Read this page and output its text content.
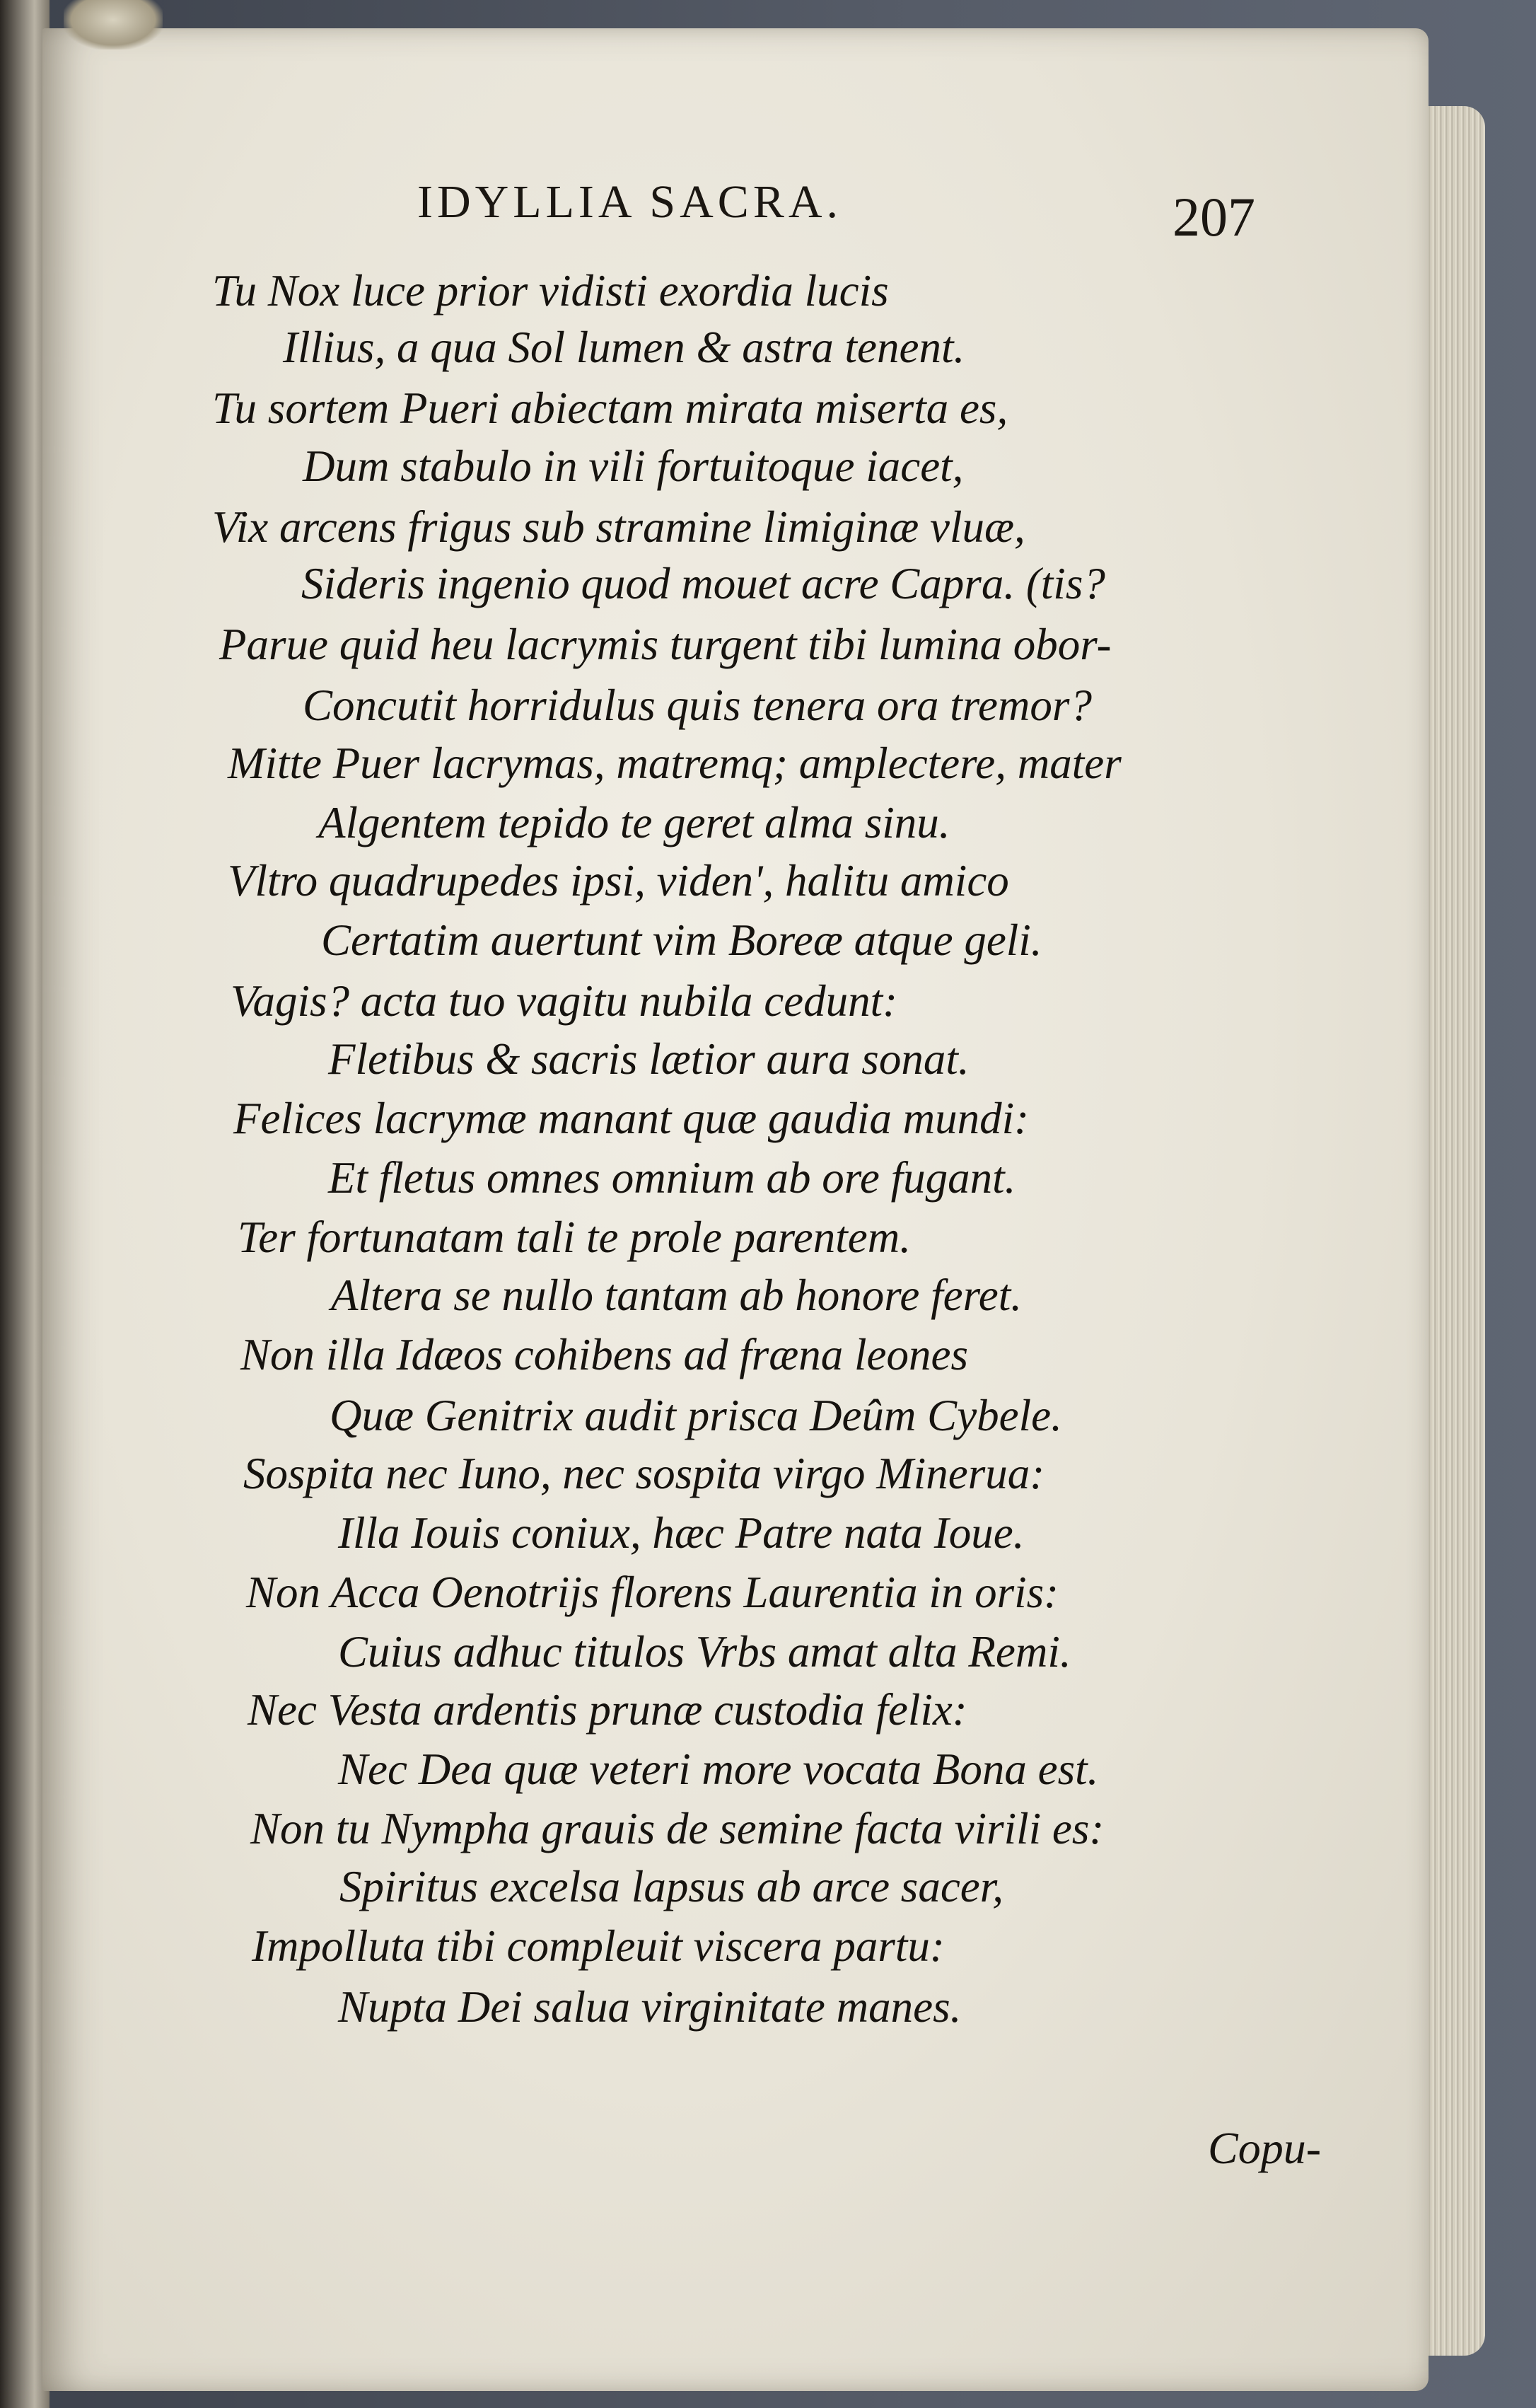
IDYLLIA SACRA.	207
Tu Nox luce prior vidisti exordia lucis
Illius, a qua Sol lumen & astra tenent.
Tu sortem Pueri abiectam mirata miserta es,
Dum stabulo in vili fortuitoque iacet,
Vix arcens frigus sub stramine limiginæ vluæ,
Sideris ingenio quod mouet acre Capra. (tis?
Parue quid heu lacrymis turgent tibi lumina obor-
Concutit horridulus quis tenera ora tremor?
Mitte Puer lacrymas, matremq; amplectere, mater
Algentem tepido te geret alma sinu.
Vltro quadrupedes ipsi, viden', halitu amico
Certatim auertunt vim Boreæ atque geli.
Vagis? acta tuo vagitu nubila cedunt:
Fletibus & sacris lætior aura sonat.
Felices lacrymæ manant quæ gaudia mundi:
Et fletus omnes omnium ab ore fugant.
Ter fortunatam tali te prole parentem.
Altera se nullo tantam ab honore feret.
Non illa Idæos cohibens ad fræna leones
Quæ Genitrix audit prisca Deûm Cybele.
Sospita nec Iuno, nec sospita virgo Minerua:
Illa Iouis coniux, hæc Patre nata Ioue.
Non Acca Oenotrijs florens Laurentia in oris:
Cuius adhuc titulos Vrbs amat alta Remi.
Nec Vesta ardentis prunæ custodia felix:
Nec Dea quæ veteri more vocata Bona est.
Non tu Nympha grauis de semine facta virili es:
Spiritus excelsa lapsus ab arce sacer,
Impolluta tibi compleuit viscera partu:
Nupta Dei salua virginitate manes.
Copu-
